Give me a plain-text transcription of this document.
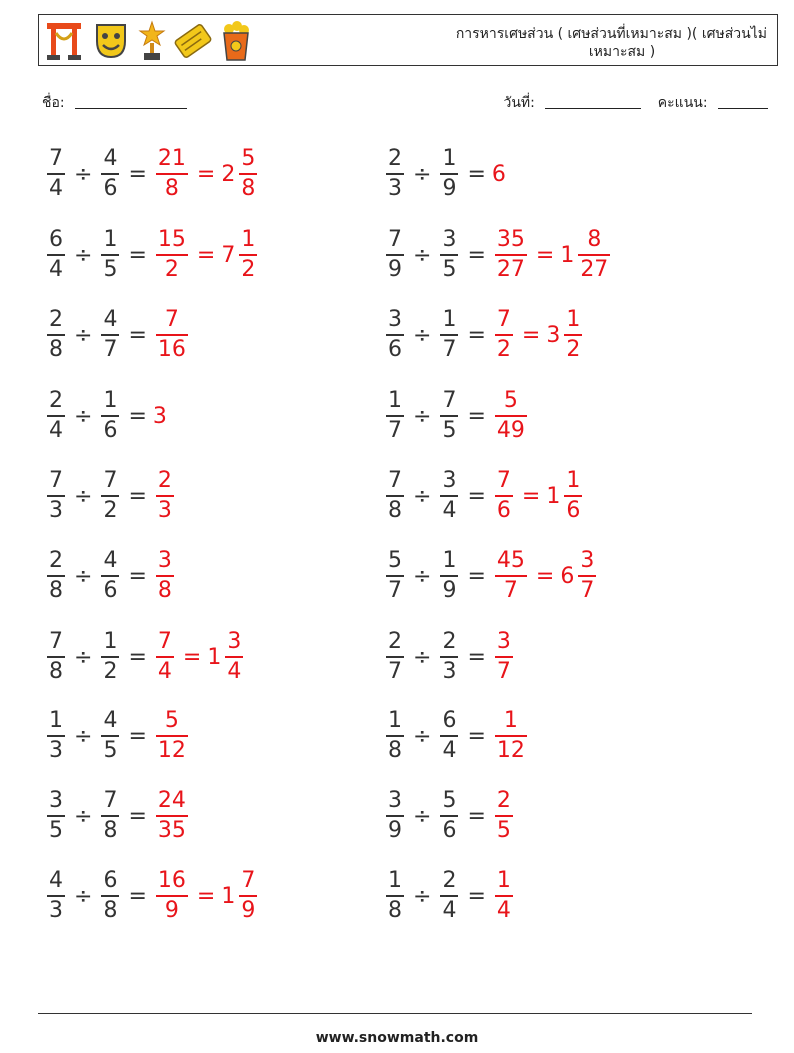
การหารเศษส่วน ( เศษส่วนที่เหมาะสม )( เศษส่วนไม่
เหมาะสม )
ชื่อ:	วันที่:	คะแนน:
$\frac{7}{4} \div \frac{4}{6} = \frac{21}{8} = 2 \frac{5}{8}$	$\frac{2}{3} \div \frac{1}{9} = 6$
$\frac{6}{4} \div \frac{1}{5} = \frac{15}{2} = 7 \frac{1}{2}$	$\frac{7}{9} \div \frac{3}{5} = \frac{35}{27} = 1 \frac{8}{27}$
$\frac{2}{8} \div \frac{4}{7} = \frac{7}{16}$	$\frac{3}{6} \div \frac{1}{7} = \frac{7}{2} = 3 \frac{1}{2}$
$\frac{2}{4} \div \frac{1}{6} = 3$	$\frac{1}{7} \div \frac{7}{5} = \frac{5}{49}$
$\frac{7}{3} \div \frac{7}{2} = \frac{2}{3}$	$\frac{7}{8} \div \frac{3}{4} = \frac{7}{6} = 1 \frac{1}{6}$
$\frac{2}{8} \div \frac{4}{6} = \frac{3}{8}$	$\frac{5}{7} \div \frac{1}{9} = \frac{45}{7} = 6 \frac{3}{7}$
$\frac{7}{8} \div \frac{1}{2} = \frac{7}{4} = 1 \frac{3}{4}$	$\frac{2}{7} \div \frac{2}{3} = \frac{3}{7}$
$\frac{1}{3} \div \frac{4}{5} = \frac{5}{12}$	$\frac{1}{8} \div \frac{6}{4} = \frac{1}{12}$
$\frac{3}{5} \div \frac{7}{8} = \frac{24}{35}$	$\frac{3}{9} \div \frac{5}{6} = \frac{2}{5}$
$\frac{4}{3} \div \frac{6}{8} = \frac{16}{9} = 1 \frac{7}{9}$	$\frac{1}{8} \div \frac{2}{4} = \frac{1}{4}$
www.snowmath.com
